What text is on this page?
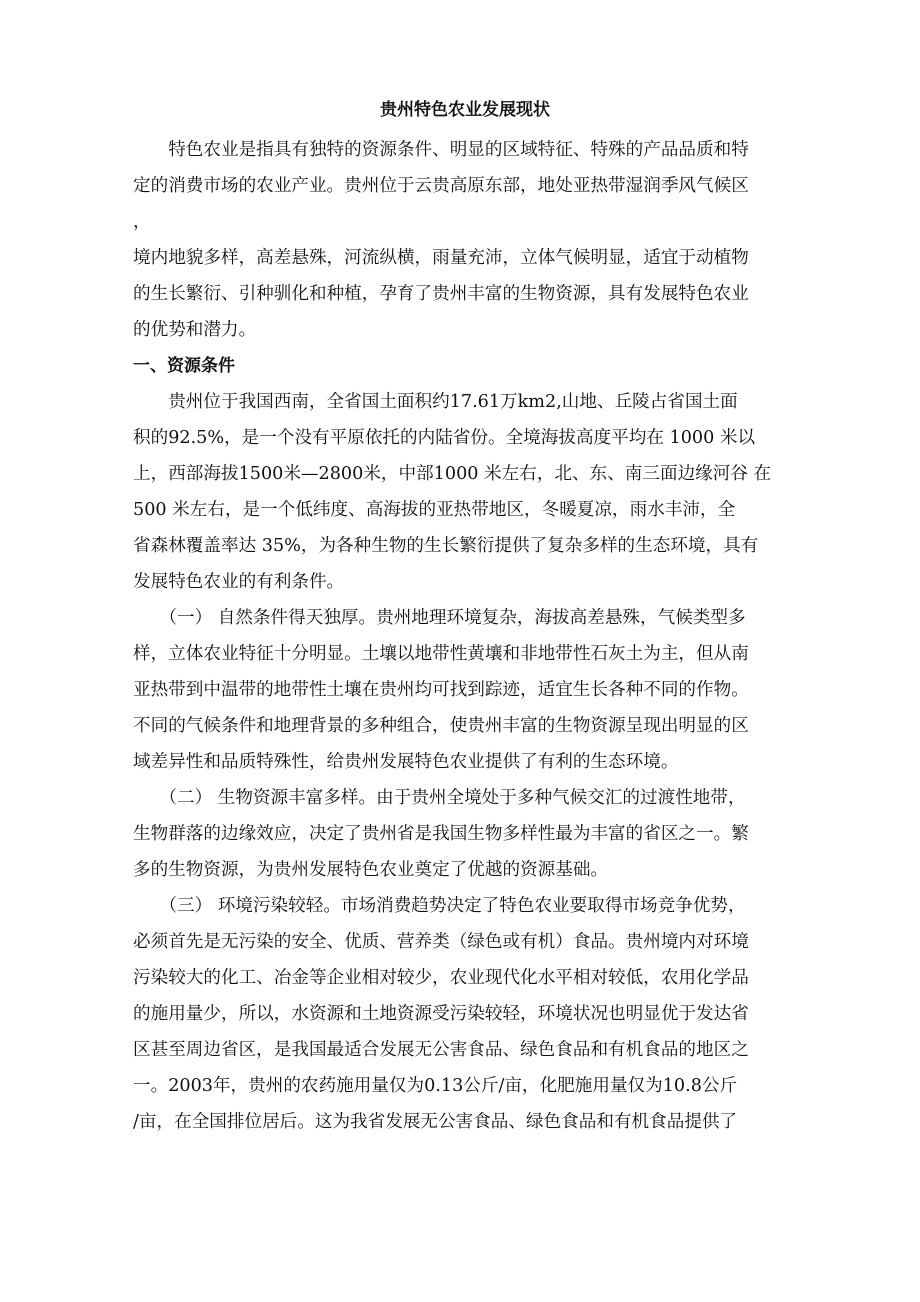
贵州特色农业发展现状
　　特色农业是指具有独特的资源条件、明显的区域特征、特殊的产品品质和特
定的消费市场的农业产业。贵州位于云贵高原东部，地处亚热带湿润季风气候区
，
境内地貌多样，高差悬殊，河流纵横，雨量充沛，立体气候明显，适宜于动植物
的生长繁衍、引种驯化和种植，孕育了贵州丰富的生物资源，具有发展特色农业
的优势和潜力。
一、资源条件
　　贵州位于我国西南，全省国土面积约17.61万km2,山地、丘陵占省国土面
积的92.5%，是一个没有平原依托的内陆省份。全境海拔高度平均在 1000 米以
上，西部海拔1500米—2800米，中部1000 米左右，北、东、南三面边缘河谷 在
500 米左右，是一个低纬度、高海拔的亚热带地区，冬暖夏凉，雨水丰沛，全
省森林覆盖率达 35%，为各种生物的生长繁衍提供了复杂多样的生态环境，具有
发展特色农业的有利条件。
　　（一） 自然条件得天独厚。贵州地理环境复杂，海拔高差悬殊，气候类型多
样，立体农业特征十分明显。土壤以地带性黄壤和非地带性石灰土为主，但从南
亚热带到中温带的地带性土壤在贵州均可找到踪迹，适宜生长各种不同的作物。
不同的气候条件和地理背景的多种组合，使贵州丰富的生物资源呈现出明显的区
域差异性和品质特殊性，给贵州发展特色农业提供了有利的生态环境。
　　（二） 生物资源丰富多样。由于贵州全境处于多种气候交汇的过渡性地带，
生物群落的边缘效应，决定了贵州省是我国生物多样性最为丰富的省区之一。繁
多的生物资源，为贵州发展特色农业奠定了优越的资源基础。
　　（三） 环境污染较轻。市场消费趋势决定了特色农业要取得市场竞争优势，
必须首先是无污染的安全、优质、营养类（绿色或有机）食品。贵州境内对环境
污染较大的化工、冶金等企业相对较少，农业现代化水平相对较低，农用化学品
的施用量少，所以，水资源和土地资源受污染较轻，环境状况也明显优于发达省
区甚至周边省区，是我国最适合发展无公害食品、绿色食品和有机食品的地区之
一。2003年，贵州的农药施用量仅为0.13公斤/亩，化肥施用量仅为10.8公斤
/亩，在全国排位居后。这为我省发展无公害食品、绿色食品和有机食品提供了
